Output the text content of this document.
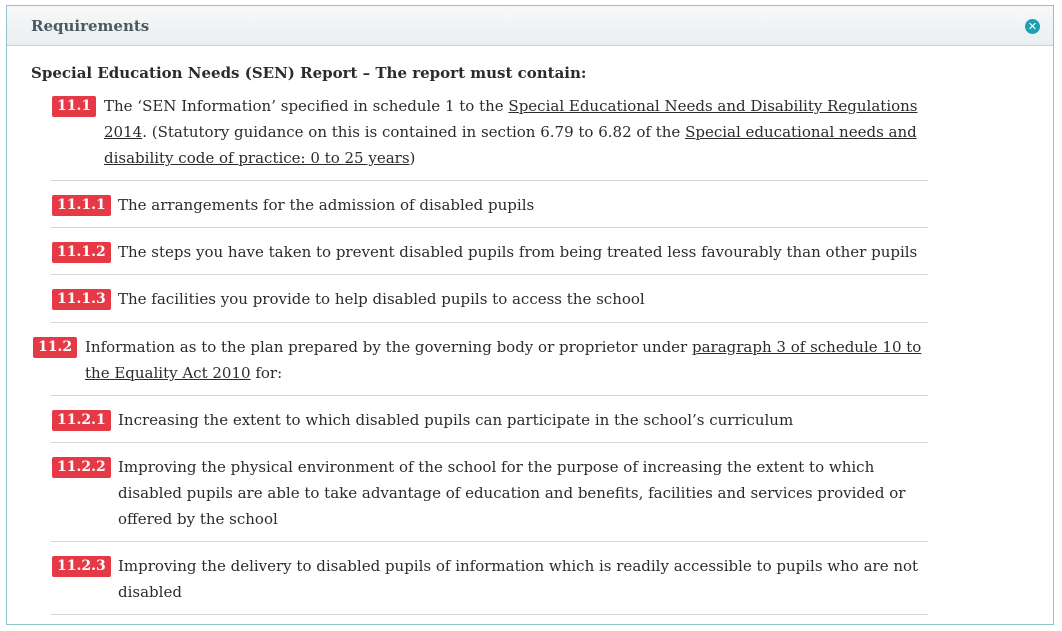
Requirements	✕
Special Education Needs (SEN) Report – The report must contain:
11.1 The ‘SEN Information’ specified in schedule 1 to the Special Educational Needs and Disability Regulations 2014. (Statutory guidance on this is contained in section 6.79 to 6.82 of the Special educational needs and disability code of practice: 0 to 25 years)
11.1.1 The arrangements for the admission of disabled pupils
11.1.2 The steps you have taken to prevent disabled pupils from being treated less favourably than other pupils
11.1.3 The facilities you provide to help disabled pupils to access the school
11.2 Information as to the plan prepared by the governing body or proprietor under paragraph 3 of schedule 10 to the Equality Act 2010 for:
11.2.1 Increasing the extent to which disabled pupils can participate in the school’s curriculum
11.2.2 Improving the physical environment of the school for the purpose of increasing the extent to which disabled pupils are able to take advantage of education and benefits, facilities and services provided or offered by the school
11.2.3 Improving the delivery to disabled pupils of information which is readily accessible to pupils who are not disabled
